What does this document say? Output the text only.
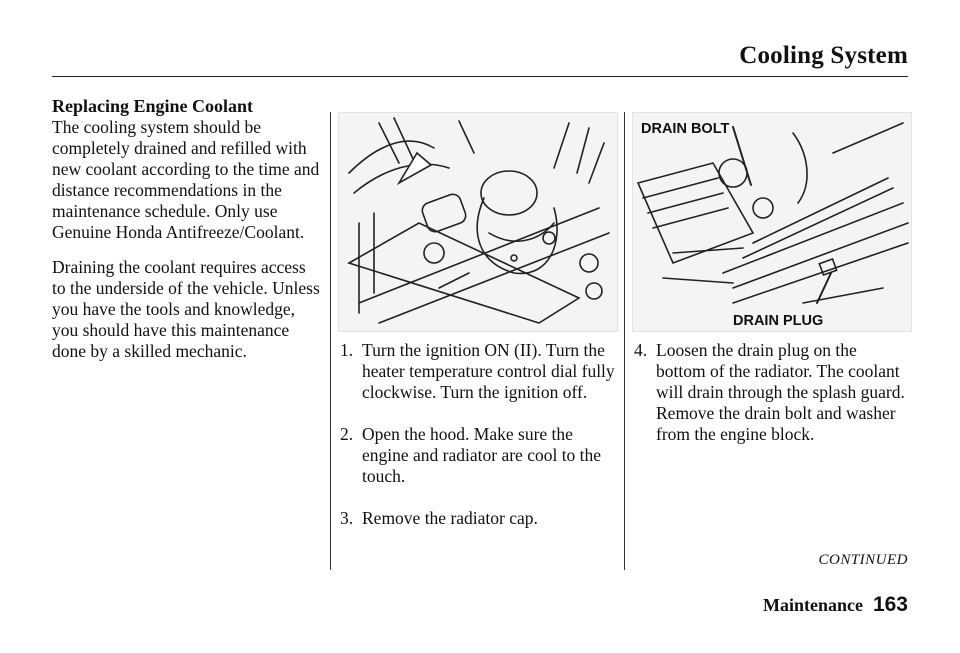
Cooling System
Replacing Engine Coolant

The cooling system should be completely drained and refilled with new coolant according to the time and distance recommendations in the maintenance schedule. Only use Genuine Honda Antifreeze/Coolant.

Draining the coolant requires access to the underside of the vehicle. Unless you have the tools and knowledge, you should have this maintenance done by a skilled mechanic.

DRAIN BOLT
DRAIN PLUG
1. Turn the ignition ON (II). Turn the heater temperature control dial fully clockwise. Turn the ignition off.
2. Open the hood. Make sure the engine and radiator are cool to the touch.
3. Remove the radiator cap.
4. Loosen the drain plug on the bottom of the radiator. The coolant will drain through the splash guard. Remove the drain bolt and washer from the engine block.
CONTINUED
Maintenance 163
